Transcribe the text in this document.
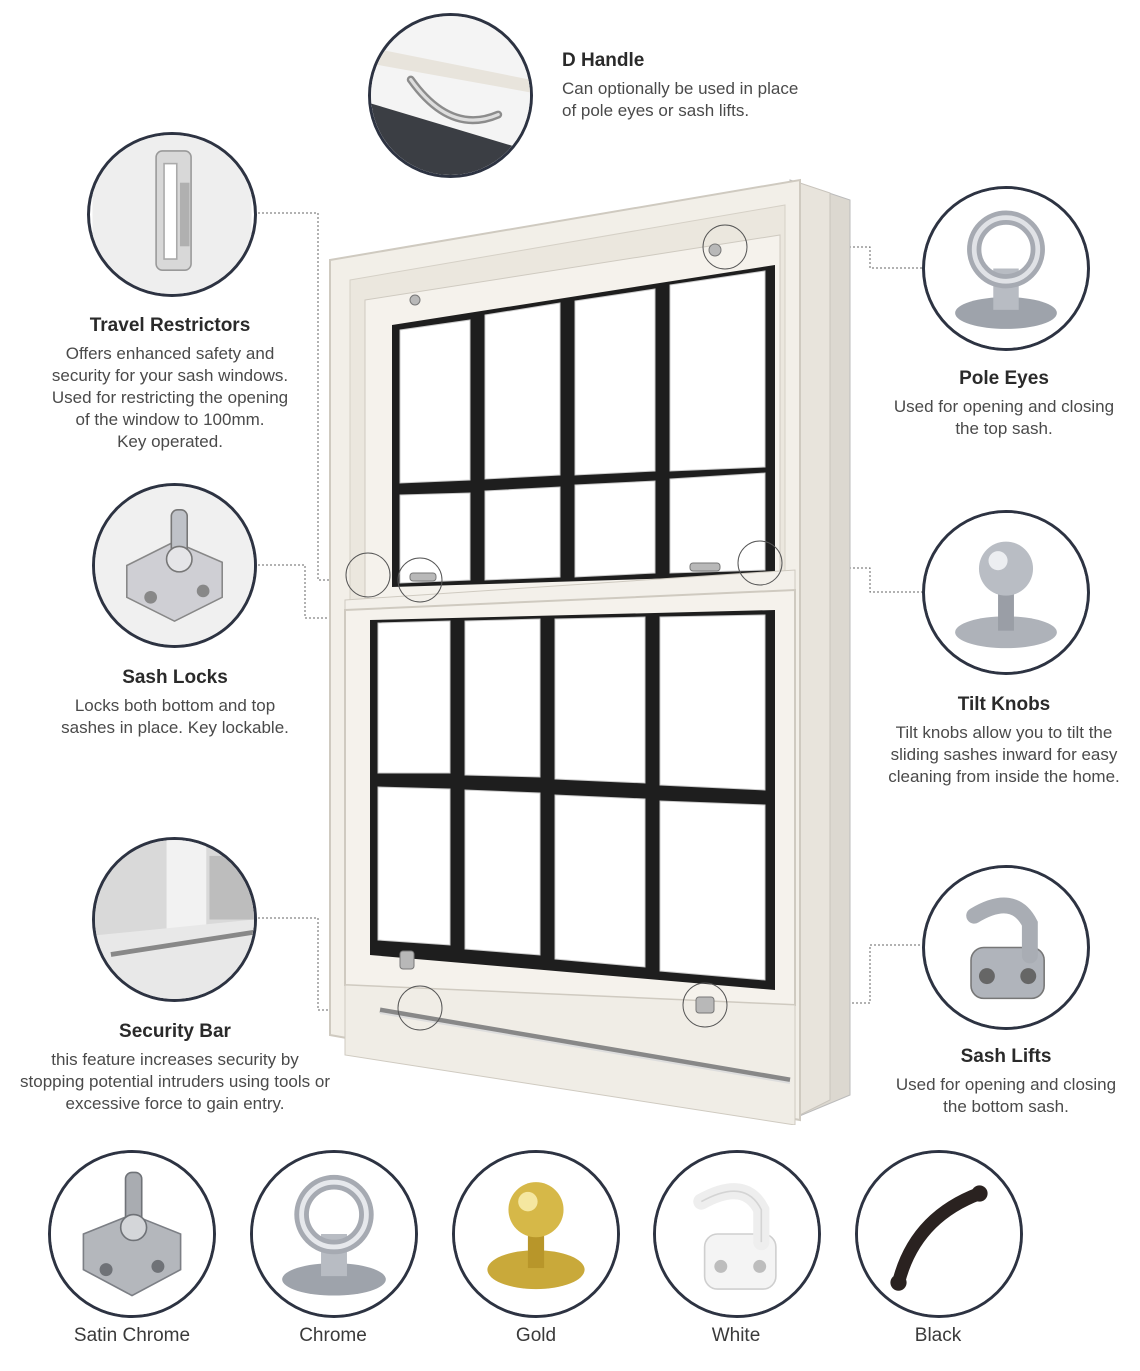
D Handle

Can optionally be used in place

of pole eyes or sash lifts.

Travel Restrictors

Offers enhanced safety and

security for your sash windows.

Used for restricting the opening

of the window to 100mm.

Key operated.

Sash Locks

Locks both bottom and top

sashes in place. Key lockable.

Security Bar

this feature increases security by

stopping potential intruders using tools or

excessive force to gain entry.

Pole Eyes

Used for opening and closing

the top sash.

Tilt Knobs

Tilt knobs allow you to tilt the

sliding sashes inward for easy

cleaning from inside the home.

Sash Lifts

Used for opening and closing

the bottom sash.

Satin Chrome	Chrome	Gold	White	Black
